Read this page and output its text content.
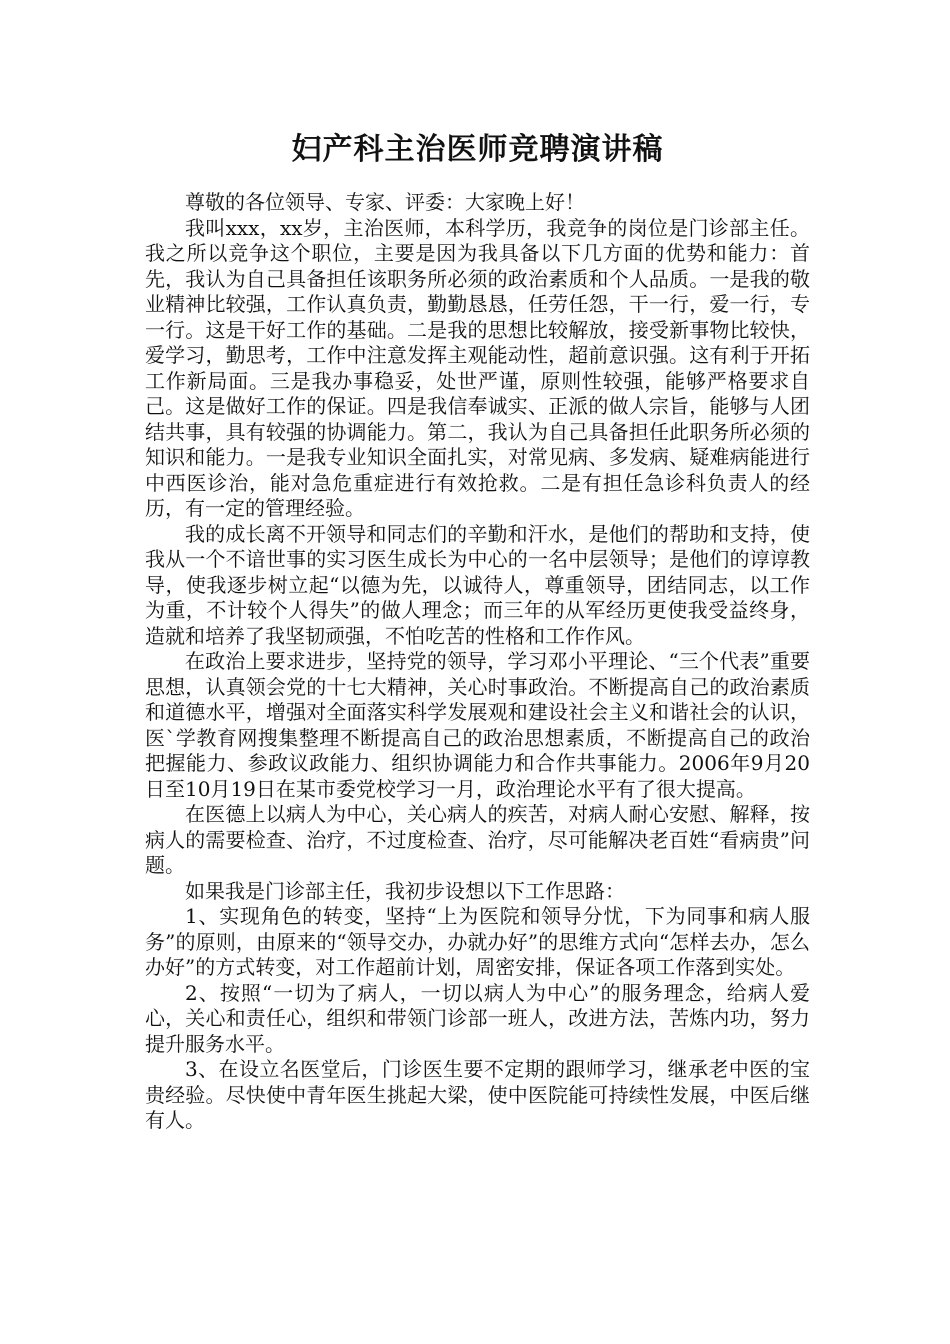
妇产科主治医师竞聘演讲稿

尊敬的各位领导、专家、评委：大家晚上好！

我叫xxx，xx岁，主治医师，本科学历，我竞争的岗位是门诊部主任。我之所以竞争这个职位，主要是因为我具备以下几方面的优势和能力：首先，我认为自己具备担任该职务所必须的政治素质和个人品质。一是我的敬业精神比较强，工作认真负责，勤勤恳恳，任劳任怨，干一行，爱一行，专一行。这是干好工作的基础。二是我的思想比较解放，接受新事物比较快，爱学习，勤思考，工作中注意发挥主观能动性，超前意识强。这有利于开拓工作新局面。三是我办事稳妥，处世严谨，原则性较强，能够严格要求自己。这是做好工作的保证。四是我信奉诚实、正派的做人宗旨，能够与人团结共事，具有较强的协调能力。第二，我认为自己具备担任此职务所必须的知识和能力。一是我专业知识全面扎实，对常见病、多发病、疑难病能进行中西医诊治，能对急危重症进行有效抢救。二是有担任急诊科负责人的经历，有一定的管理经验。

我的成长离不开领导和同志们的辛勤和汗水，是他们的帮助和支持，使我从一个不谙世事的实习医生成长为中心的一名中层领导；是他们的谆谆教导，使我逐步树立起“以德为先，以诚待人，尊重领导，团结同志，以工作为重，不计较个人得失”的做人理念；而三年的从军经历更使我受益终身，造就和培养了我坚韧顽强，不怕吃苦的性格和工作作风。

在政治上要求进步，坚持党的领导，学习邓小平理论、“三个代表”重要思想，认真领会党的十七大精神，关心时事政治。不断提高自己的政治素质和道德水平，增强对全面落实科学发展观和建设社会主义和谐社会的认识，医`学教育网搜集整理不断提高自己的政治思想素质，不断提高自己的政治把握能力、参政议政能力、组织协调能力和合作共事能力。2006年9月20日至10月19日在某市委党校学习一月，政治理论水平有了很大提高。

在医德上以病人为中心，关心病人的疾苦，对病人耐心安慰、解释，按病人的需要检查、治疗，不过度检查、治疗，尽可能解决老百姓“看病贵”问题。

如果我是门诊部主任，我初步设想以下工作思路：

1、实现角色的转变，坚持“上为医院和领导分忧，下为同事和病人服务”的原则，由原来的“领导交办，办就办好”的思维方式向“怎样去办，怎么办好”的方式转变，对工作超前计划，周密安排，保证各项工作落到实处。

2、按照“一切为了病人，一切以病人为中心”的服务理念，给病人爱心，关心和责任心，组织和带领门诊部一班人，改进方法，苦炼内功，努力提升服务水平。

3、在设立名医堂后，门诊医生要不定期的跟师学习，继承老中医的宝贵经验。尽快使中青年医生挑起大梁，使中医院能可持续性发展，中医后继有人。
